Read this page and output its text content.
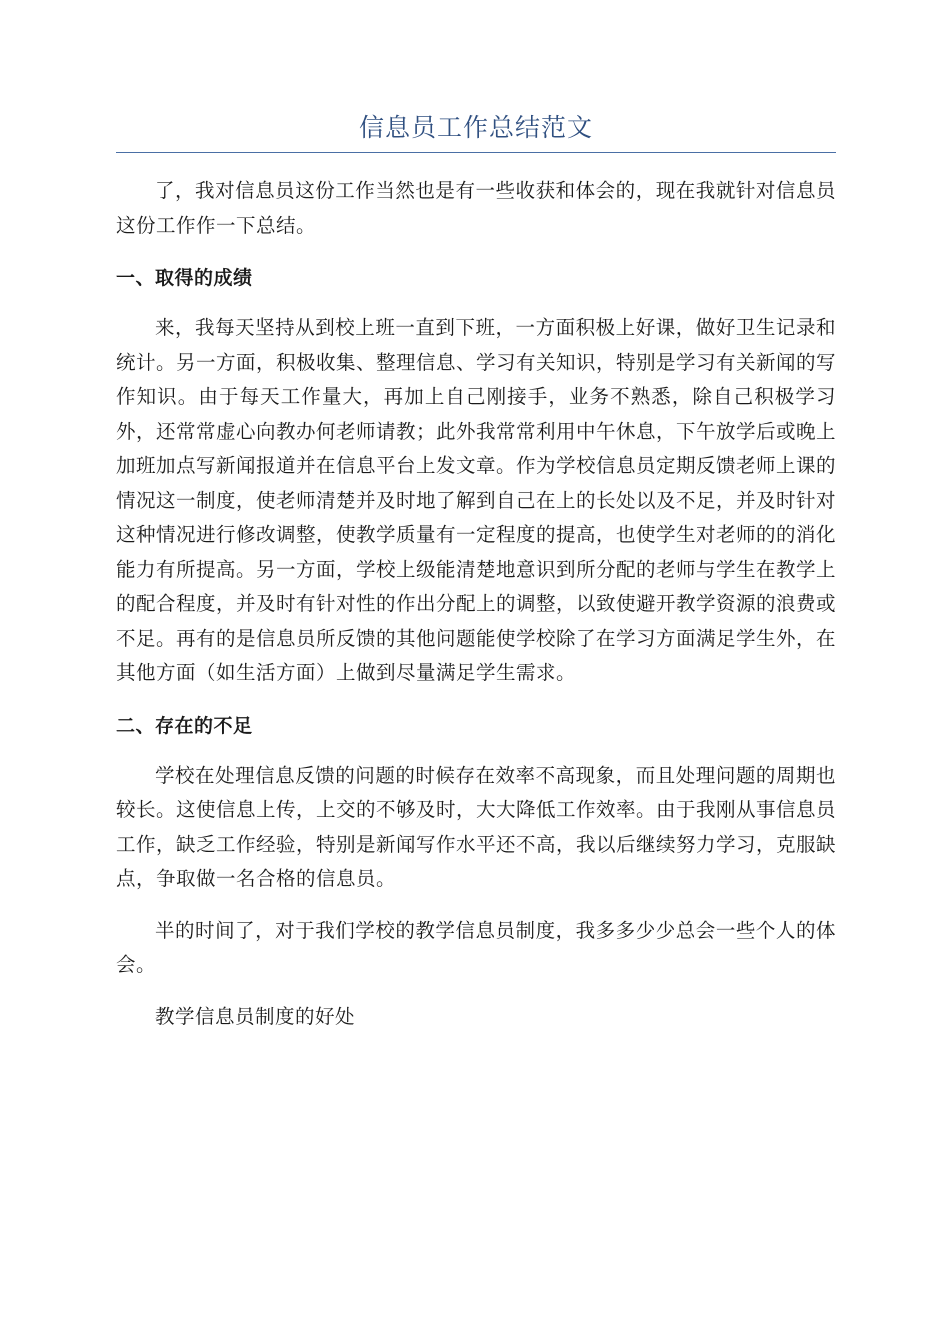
信息员工作总结范文

了，我对信息员这份工作当然也是有一些收获和体会的，现在我就针对信息员这份工作作一下总结。

一、取得的成绩

来，我每天坚持从到校上班一直到下班，一方面积极上好课，做好卫生记录和统计。另一方面，积极收集、整理信息、学习有关知识，特别是学习有关新闻的写作知识。由于每天工作量大，再加上自己刚接手，业务不熟悉，除自己积极学习外，还常常虚心向教办何老师请教；此外我常常利用中午休息，下午放学后或晚上加班加点写新闻报道并在信息平台上发文章。作为学校信息员定期反馈老师上课的情况这一制度，使老师清楚并及时地了解到自己在上的长处以及不足，并及时针对这种情况进行修改调整，使教学质量有一定程度的提高，也使学生对老师的的消化能力有所提高。另一方面，学校上级能清楚地意识到所分配的老师与学生在教学上的配合程度，并及时有针对性的作出分配上的调整，以致使避开教学资源的浪费或不足。再有的是信息员所反馈的其他问题能使学校除了在学习方面满足学生外，在其他方面（如生活方面）上做到尽量满足学生需求。

二、存在的不足

学校在处理信息反馈的问题的时候存在效率不高现象，而且处理问题的周期也较长。这使信息上传，上交的不够及时，大大降低工作效率。由于我刚从事信息员工作，缺乏工作经验，特别是新闻写作水平还不高，我以后继续努力学习，克服缺点，争取做一名合格的信息员。

半的时间了，对于我们学校的教学信息员制度，我多多少少总会一些个人的体会。

教学信息员制度的好处
